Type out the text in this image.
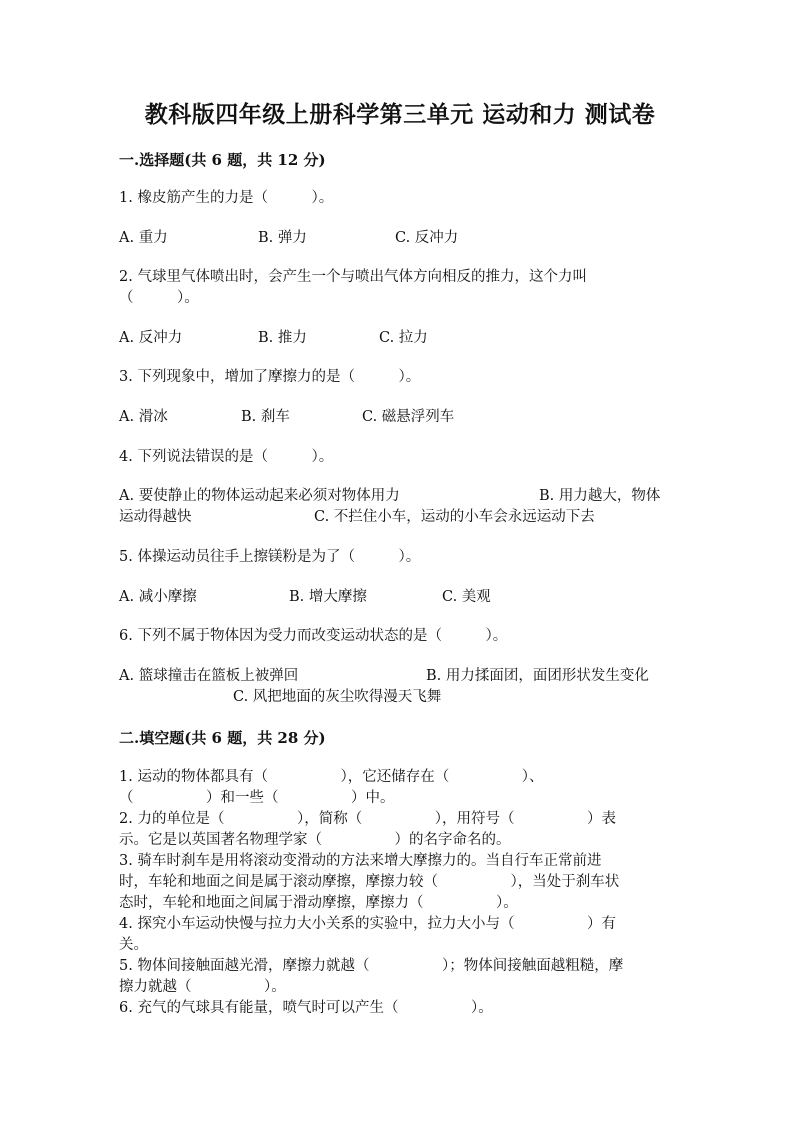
教科版四年级上册科学第三单元 运动和力 测试卷
一.选择题(共 6 题，共 12 分)
1. 橡皮筋产生的力是（　　　）。
A. 重力	B. 弹力	C. 反冲力
2. 气球里气体喷出时，会产生一个与喷出气体方向相反的推力，这个力叫
（　　　）。
A. 反冲力	B. 推力	C. 拉力
3. 下列现象中，增加了摩擦力的是（　　　）。
A. 滑冰	B. 刹车	C. 磁悬浮列车
4. 下列说法错误的是（　　　）。
A. 要使静止的物体运动起来必须对物体用力	B. 用力越大，物体
运动得越快	C. 不拦住小车，运动的小车会永远运动下去
5. 体操运动员往手上擦镁粉是为了（　　　）。
A. 减小摩擦	B. 增大摩擦	C. 美观
6. 下列不属于物体因为受力而改变运动状态的是（　　　）。
A. 篮球撞击在篮板上被弹回	B. 用力揉面团，面团形状发生变化
C. 风把地面的灰尘吹得漫天飞舞
二.填空题(共 6 题，共 28 分)
1. 运动的物体都具有（　　　　　），它还储存在（　　　　　）、
（　　　　　）和一些（　　　　　）中。
2. 力的单位是（　　　　　），简称（　　　　　），用符号（　　　　　）表
示。它是以英国著名物理学家（　　　　　）的名字命名的。
3. 骑车时刹车是用将滚动变滑动的方法来增大摩擦力的。当自行车正常前进
时，车轮和地面之间是属于滚动摩擦，摩擦力较（　　　　　），当处于刹车状
态时，车轮和地面之间属于滑动摩擦，摩擦力（　　　　　）。
4. 探究小车运动快慢与拉力大小关系的实验中，拉力大小与（　　　　　）有
关。
5. 物体间接触面越光滑，摩擦力就越（　　　　　）；物体间接触面越粗糙，摩
擦力就越（　　　　　）。
6. 充气的气球具有能量，喷气时可以产生（　　　　　）。
